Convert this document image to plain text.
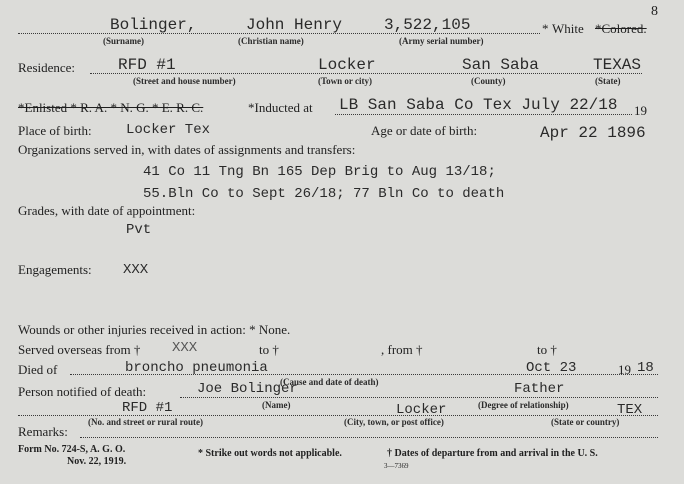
8
Bolinger,	John Henry	3,522,105
(Surname)	(Christian name)	(Army serial number)
* White *Colored.
Residence:	RFD #1	Locker	San Saba	TEXAS
(Street and house number)	(Town or city)	(County)	(State)
*Enlisted * R. A. * N. G. * E. R. C.	*Inducted at LB San Saba Co Tex July 22/18 19
Place of birth: Locker Tex	Age or date of birth:	Apr 22 1896
Organizations served in, with dates of assignments and transfers:
41 Co 11 Tng Bn 165 Dep Brig to Aug 13/18;
55.Bln Co to Sept 26/18; 77 Bln Co to death
Grades, with date of appointment:
Pvt
Engagements: XXX
Wounds or other injuries received in action: * None.
Served overseas from † XXX	to †	, from †	to †
Died of	broncho pneumonia	Oct 23	19 18
(Cause and date of death)
Person notified of death:	Joe Bolinger	Father
(Name)	(Degree of relationship)
RFD #1	Locker	TEX
(No. and street or rural route)	(City, town, or post office)	(State or country)
Remarks:
Form No. 724-S, A. G. O.
Nov. 22, 1919.
* Strike out words not applicable.	† Dates of departure from and arrival in the U. S.
3—7369
